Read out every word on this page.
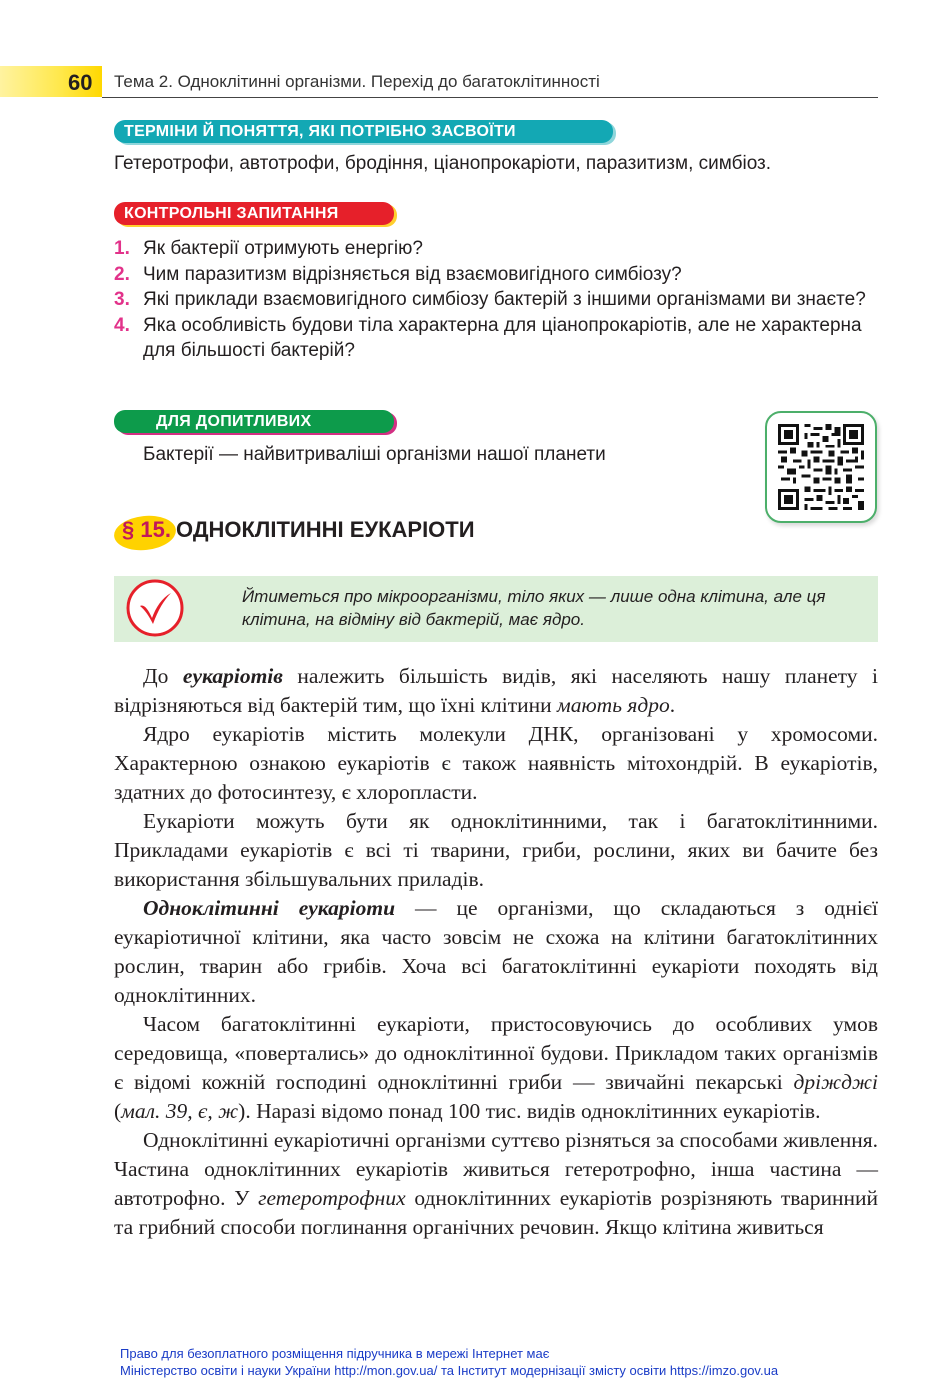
60 Тема 2. Одноклітинні організми. Перехід до багатоклітинності
ТЕРМІНИ Й ПОНЯТТЯ, ЯКІ ПОТРІБНО ЗАСВОЇТИ
Гетеротрофи, автотрофи, бродіння, ціанопрокаріоти, паразитизм, симбіоз.
КОНТРОЛЬНІ ЗАПИТАННЯ
1. Як бактерії отримують енергію?
2. Чим паразитизм відрізняється від взаємовигідного симбіозу?
3. Які приклади взаємовигідного симбіозу бактерій з іншими організмами ви знаєте?
4. Яка особливість будови тіла характерна для ціанопрокаріотів, але не характерна для більшості бактерій?
ДЛЯ ДОПИТЛИВИХ
Бактерії — найвитриваліші організми нашої планети
§ 15. ОДНОКЛІТИННІ ЕУКАРІОТИ
Йтиметься про мікроорганізми, тіло яких — лише одна клітина, але ця клітина, на відміну від бактерій, має ядро.

До еукаріотів належить більшість видів, які населяють нашу планету і відрізняються від бактерій тим, що їхні клітини мають ядро.

Ядро еукаріотів містить молекули ДНК, організовані у хромосоми. Характерною ознакою еукаріотів є також наявність мітохондрій. В еукаріотів, здатних до фотосинтезу, є хлоропласти.

Еукаріоти можуть бути як одноклітинними, так і багатоклітинними. Прикладами еукаріотів є всі ті тварини, гриби, рослини, яких ви бачите без використання збільшувальних приладів.

Одноклітинні еукаріоти — це організми, що складаються з однієї еукаріотичної клітини, яка часто зовсім не схожа на клітини багатоклітинних рослин, тварин або грибів. Хоча всі багатоклітинні еукаріоти походять від одноклітинних.

Часом багатоклітинні еукаріоти, пристосовуючись до особливих умов середовища, «повертались» до одноклітинної будови. Прикладом таких організмів є відомі кожній господині одноклітинні гриби — звичайні пекарські дріжджі (мал. 39, є, ж). Наразі відомо понад 100 тис. видів одноклітинних еукаріотів.

Одноклітинні еукаріотичні організми суттєво різняться за способами живлення. Частина одноклітинних еукаріотів живиться гетеротрофно, інша частина — автотрофно. У гетеротрофних одноклітинних еукаріотів розрізняють тваринний та грибний способи поглинання органічних речовин. Якщо клітина живиться

Право для безоплатного розміщення підручника в мережі Інтернет має
Міністерство освіти і науки України http://mon.gov.ua/ та Інститут модернізації змісту освіти https://imzo.gov.ua
